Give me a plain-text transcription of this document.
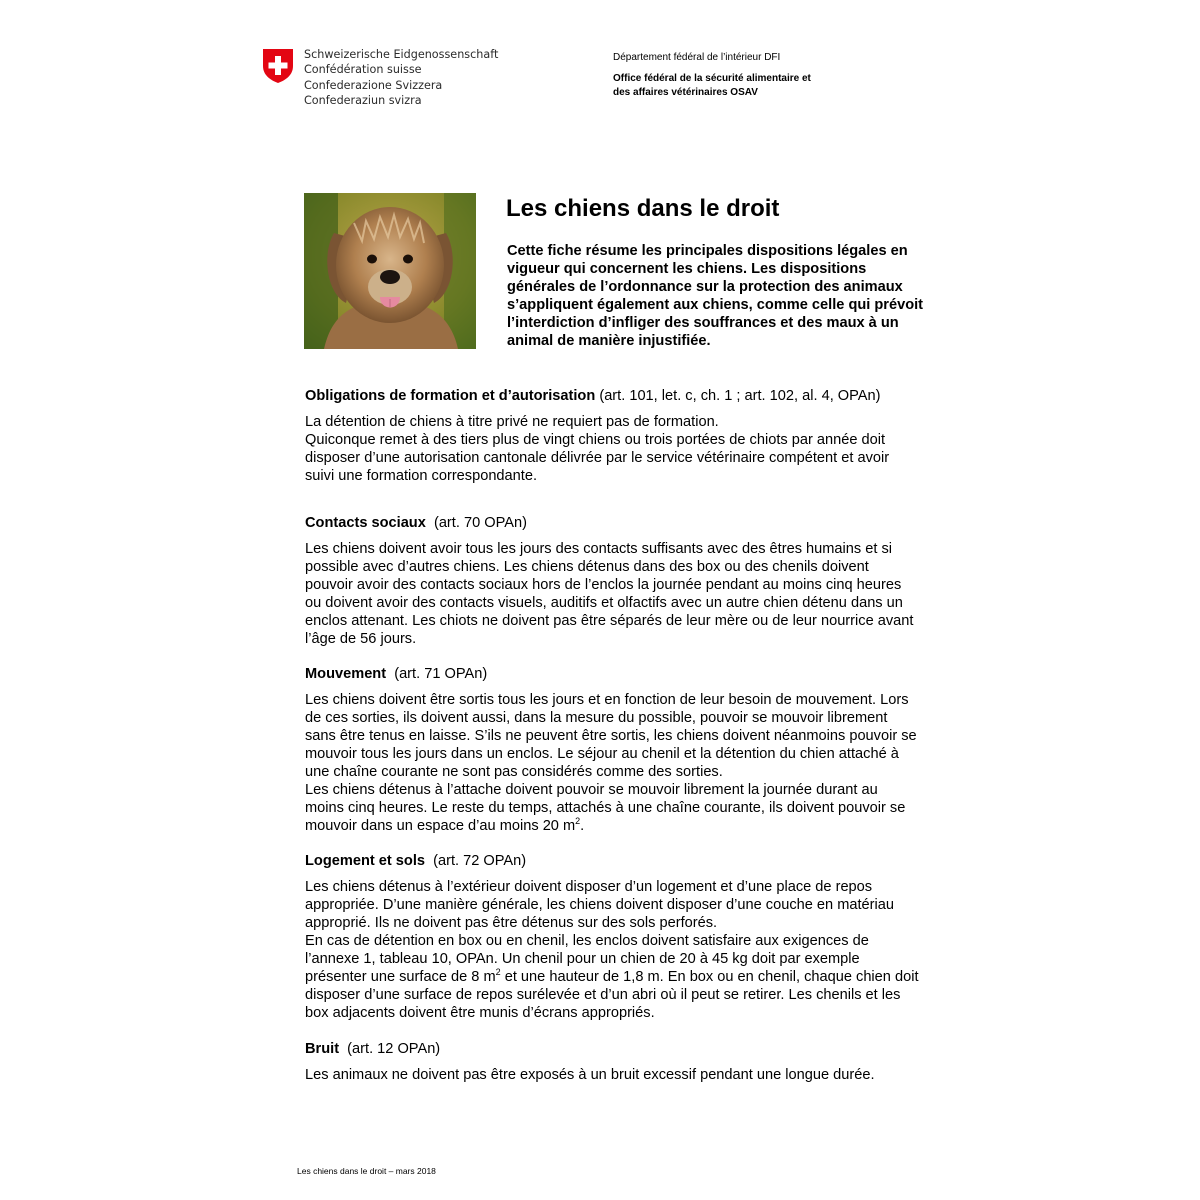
Schweizerische Eidgenossenschaft
Confédération suisse
Confederazione Svizzera
Confederaziun svizra
Département fédéral de l’intérieur DFI
Office fédéral de la sécurité alimentaire et
des affaires vétérinaires OSAV
Les chiens dans le droit
Cette fiche résume les principales dispositions légales en
vigueur qui concernent les chiens. Les dispositions
générales de l’ordonnance sur la protection des animaux
s’appliquent également aux chiens, comme celle qui prévoit
l’interdiction d’infliger des souffrances et des maux à un
animal de manière injustifiée.
Obligations de formation et d’autorisation (art. 101, let. c, ch. 1 ; art. 102, al. 4, OPAn)
La détention de chiens à titre privé ne requiert pas de formation.
Quiconque remet à des tiers plus de vingt chiens ou trois portées de chiots par année doit
disposer d’une autorisation cantonale délivrée par le service vétérinaire compétent et avoir
suivi une formation correspondante.
Contacts sociaux (art. 70 OPAn)
Les chiens doivent avoir tous les jours des contacts suffisants avec des êtres humains et si
possible avec d’autres chiens. Les chiens détenus dans des box ou des chenils doivent
pouvoir avoir des contacts sociaux hors de l’enclos la journée pendant au moins cinq heures
ou doivent avoir des contacts visuels, auditifs et olfactifs avec un autre chien détenu dans un
enclos attenant. Les chiots ne doivent pas être séparés de leur mère ou de leur nourrice avant
l’âge de 56 jours.
Mouvement (art. 71 OPAn)
Les chiens doivent être sortis tous les jours et en fonction de leur besoin de mouvement. Lors
de ces sorties, ils doivent aussi, dans la mesure du possible, pouvoir se mouvoir librement
sans être tenus en laisse. S’ils ne peuvent être sortis, les chiens doivent néanmoins pouvoir se
mouvoir tous les jours dans un enclos. Le séjour au chenil et la détention du chien attaché à
une chaîne courante ne sont pas considérés comme des sorties.
Les chiens détenus à l’attache doivent pouvoir se mouvoir librement la journée durant au
moins cinq heures. Le reste du temps, attachés à une chaîne courante, ils doivent pouvoir se
mouvoir dans un espace d’au moins 20 $m^2$.
Logement et sols (art. 72 OPAn)
Les chiens détenus à l’extérieur doivent disposer d’un logement et d’une place de repos
appropriée. D’une manière générale, les chiens doivent disposer d’une couche en matériau
approprié. Ils ne doivent pas être détenus sur des sols perforés.
En cas de détention en box ou en chenil, les enclos doivent satisfaire aux exigences de
l’annexe 1, tableau 10, OPAn. Un chenil pour un chien de 20 à 45 kg doit par exemple
présenter une surface de 8 $m^2$ et une hauteur de 1,8 m. En box ou en chenil, chaque chien doit
disposer d’une surface de repos surélevée et d’un abri où il peut se retirer. Les chenils et les
box adjacents doivent être munis d’écrans appropriés.
Bruit (art. 12 OPAn)
Les animaux ne doivent pas être exposés à un bruit excessif pendant une longue durée.
Les chiens dans le droit – mars 2018
